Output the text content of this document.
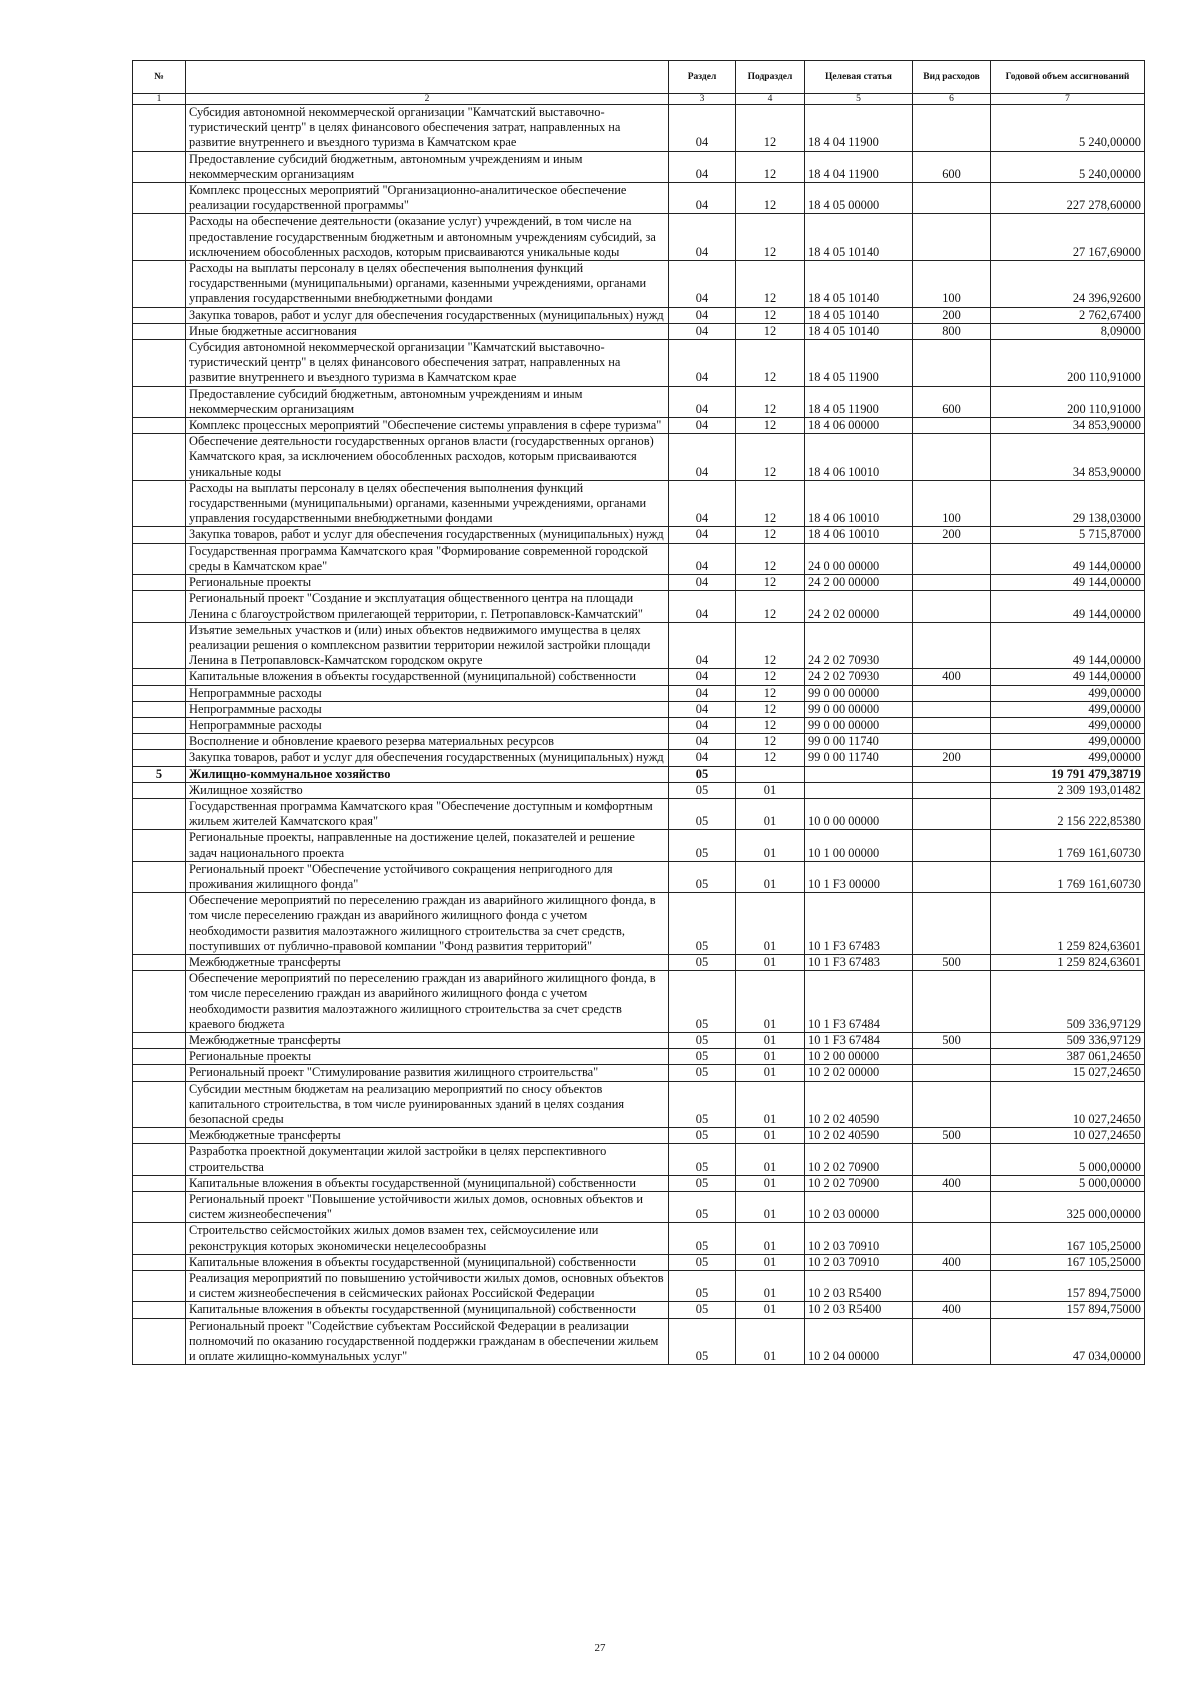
№		Раздел	Подраздел	Целевая статья	Вид расходов	Годовой объем ассигнований
1	2	3	4	5	6	7
	Субсидия автономной некоммерческой организации "Камчатский выставочно-туристический центр" в целях финансового обеспечения затрат, направленных на развитие внутреннего и въездного туризма в Камчатском крае	04	12	18 4 04 11900		5 240,00000
	Предоставление субсидий бюджетным, автономным учреждениям и иным некоммерческим организациям	04	12	18 4 04 11900	600	5 240,00000
	Комплекс процессных мероприятий "Организационно-аналитическое обеспечение реализации государственной программы"	04	12	18 4 05 00000		227 278,60000
	Расходы на обеспечение деятельности (оказание услуг) учреждений, в том числе на предоставление государственным бюджетным и автономным учреждениям субсидий, за исключением обособленных расходов, которым присваиваются уникальные коды	04	12	18 4 05 10140		27 167,69000
	Расходы на выплаты персоналу в целях обеспечения выполнения функций государственными (муниципальными) органами, казенными учреждениями, органами управления государственными внебюджетными фондами	04	12	18 4 05 10140	100	24 396,92600
	Закупка товаров, работ и услуг для обеспечения государственных (муниципальных) нужд	04	12	18 4 05 10140	200	2 762,67400
	Иные бюджетные ассигнования	04	12	18 4 05 10140	800	8,09000
	Субсидия автономной некоммерческой организации "Камчатский выставочно-туристический центр" в целях финансового обеспечения затрат, направленных на развитие внутреннего и въездного туризма в Камчатском крае	04	12	18 4 05 11900		200 110,91000
	Предоставление субсидий бюджетным, автономным учреждениям и иным некоммерческим организациям	04	12	18 4 05 11900	600	200 110,91000
	Комплекс процессных мероприятий "Обеспечение системы управления в сфере туризма"	04	12	18 4 06 00000		34 853,90000
	Обеспечение деятельности государственных органов власти (государственных органов) Камчатского края, за исключением обособленных расходов, которым присваиваются уникальные коды	04	12	18 4 06 10010		34 853,90000
	Расходы на выплаты персоналу в целях обеспечения выполнения функций государственными (муниципальными) органами, казенными учреждениями, органами управления государственными внебюджетными фондами	04	12	18 4 06 10010	100	29 138,03000
	Закупка товаров, работ и услуг для обеспечения государственных (муниципальных) нужд	04	12	18 4 06 10010	200	5 715,87000
	Государственная программа Камчатского края "Формирование современной городской среды в Камчатском крае"	04	12	24 0 00 00000		49 144,00000
	Региональные проекты	04	12	24 2 00 00000		49 144,00000
	Региональный проект "Создание и эксплуатация общественного центра на площади Ленина с благоустройством прилегающей территории, г. Петропавловск-Камчатский"	04	12	24 2 02 00000		49 144,00000
	Изъятие земельных участков и (или) иных объектов недвижимого имущества в целях реализации решения о комплексном развитии территории нежилой застройки площади Ленина в Петропавловск-Камчатском городском округе	04	12	24 2 02 70930		49 144,00000
	Капитальные вложения в объекты государственной (муниципальной) собственности	04	12	24 2 02 70930	400	49 144,00000
	Непрограммные расходы	04	12	99 0 00 00000		499,00000
	Непрограммные расходы	04	12	99 0 00 00000		499,00000
	Непрограммные расходы	04	12	99 0 00 00000		499,00000
	Восполнение и обновление краевого резерва материальных ресурсов	04	12	99 0 00 11740		499,00000
	Закупка товаров, работ и услуг для обеспечения государственных (муниципальных) нужд	04	12	99 0 00 11740	200	499,00000
5	Жилищно-коммунальное хозяйство	05				19 791 479,38719
	Жилищное хозяйство	05	01			2 309 193,01482
	Государственная программа Камчатского края "Обеспечение доступным и комфортным жильем жителей Камчатского края"	05	01	10 0 00 00000		2 156 222,85380
	Региональные проекты, направленные на достижение целей, показателей и решение задач национального проекта	05	01	10 1 00 00000		1 769 161,60730
	Региональный проект "Обеспечение устойчивого сокращения непригодного для проживания жилищного фонда"	05	01	10 1 F3 00000		1 769 161,60730
	Обеспечение мероприятий по переселению граждан из аварийного жилищного фонда, в том числе переселению граждан из аварийного жилищного фонда с учетом необходимости развития малоэтажного жилищного строительства за счет средств, поступивших от публично-правовой компании "Фонд развития территорий"	05	01	10 1 F3 67483		1 259 824,63601
	Межбюджетные трансферты	05	01	10 1 F3 67483	500	1 259 824,63601
	Обеспечение мероприятий по переселению граждан из аварийного жилищного фонда, в том числе переселению граждан из аварийного жилищного фонда с учетом необходимости развития малоэтажного жилищного строительства за счет средств краевого бюджета	05	01	10 1 F3 67484		509 336,97129
	Межбюджетные трансферты	05	01	10 1 F3 67484	500	509 336,97129
	Региональные проекты	05	01	10 2 00 00000		387 061,24650
	Региональный проект "Стимулирование развития жилищного строительства"	05	01	10 2 02 00000		15 027,24650
	Субсидии местным бюджетам на реализацию мероприятий по сносу объектов капитального строительства, в том числе руинированных зданий в целях создания безопасной среды	05	01	10 2 02 40590		10 027,24650
	Межбюджетные трансферты	05	01	10 2 02 40590	500	10 027,24650
	Разработка проектной документации жилой застройки в целях перспективного строительства	05	01	10 2 02 70900		5 000,00000
	Капитальные вложения в объекты государственной (муниципальной) собственности	05	01	10 2 02 70900	400	5 000,00000
	Региональный проект "Повышение устойчивости жилых домов, основных объектов и систем жизнеобеспечения"	05	01	10 2 03 00000		325 000,00000
	Строительство сейсмостойких жилых домов взамен тех, сейсмоусиление или реконструкция которых экономически нецелесообразны	05	01	10 2 03 70910		167 105,25000
	Капитальные вложения в объекты государственной (муниципальной) собственности	05	01	10 2 03 70910	400	167 105,25000
	Реализация мероприятий по повышению устойчивости жилых домов, основных объектов и систем жизнеобеспечения в сейсмических районах Российской Федерации	05	01	10 2 03 R5400		157 894,75000
	Капитальные вложения в объекты государственной (муниципальной) собственности	05	01	10 2 03 R5400	400	157 894,75000
	Региональный проект "Содействие субъектам Российской Федерации в реализации полномочий по оказанию государственной поддержки гражданам в обеспечении жильем и оплате жилищно-коммунальных услуг"	05	01	10 2 04 00000		47 034,00000
27
